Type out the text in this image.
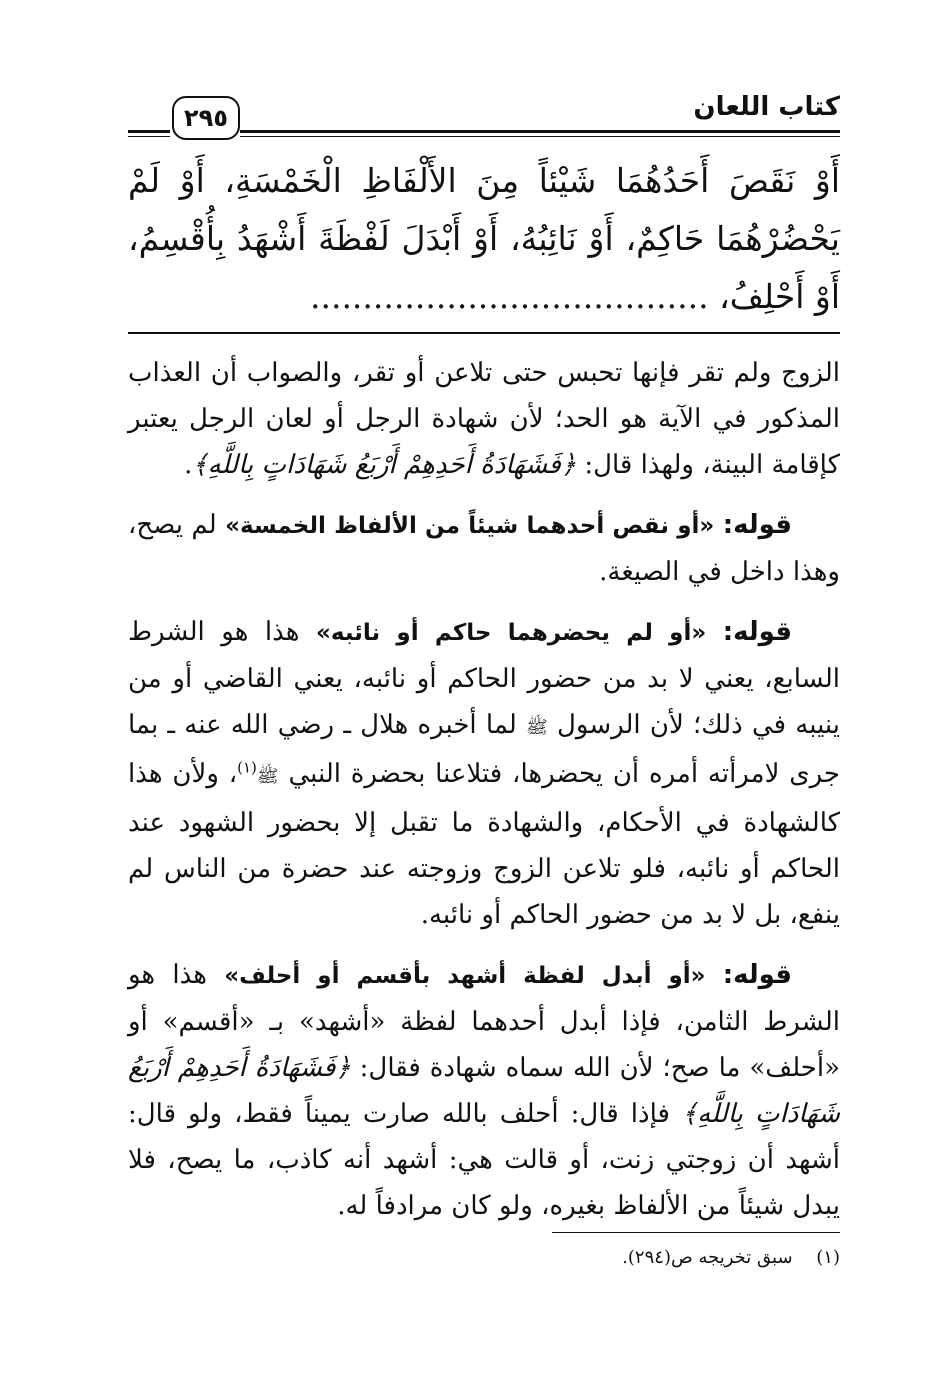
كتاب اللعان
٢٩٥

أَوْ نَقَصَ أَحَدُهُمَا شَيْئاً مِنَ الأَلْفَاظِ الْخَمْسَةِ، أَوْ لَمْ يَحْضُرْهُمَا حَاكِمٌ، أَوْ نَائِبُهُ، أَوْ أَبْدَلَ لَفْظَةَ أَشْهَدُ بِأُقْسِمُ، أَوْ أَحْلِفُ، ......................................

الزوج ولم تقر فإنها تحبس حتى تلاعن أو تقر، والصواب أن العذاب المذكور في الآية هو الحد؛ لأن شهادة الرجل أو لعان الرجل يعتبر كإقامة البينة، ولهذا قال: ﴿فَشَهَادَةُ أَحَدِهِمْ أَرْبَعُ شَهَادَاتٍ بِاللَّهِ﴾.

قوله: «أو نقص أحدهما شيئاً من الألفاظ الخمسة» لم يصح، وهذا داخل في الصيغة.

قوله: «أو لم يحضرهما حاكم أو نائبه» هذا هو الشرط السابع، يعني لا بد من حضور الحاكم أو نائبه، يعني القاضي أو من ينيبه في ذلك؛ لأن الرسول ﷺ لما أخبره هلال ـ رضي الله عنه ـ بما جرى لامرأته أمره أن يحضرها، فتلاعنا بحضرة النبي ﷺ$^{(١)}$، ولأن هذا كالشهادة في الأحكام، والشهادة ما تقبل إلا بحضور الشهود عند الحاكم أو نائبه، فلو تلاعن الزوج وزوجته عند حضرة من الناس لم ينفع، بل لا بد من حضور الحاكم أو نائبه.

قوله: «أو أبدل لفظة أشهد بأقسم أو أحلف» هذا هو الشرط الثامن، فإذا أبدل أحدهما لفظة «أشهد» بـ «أقسم» أو «أحلف» ما صح؛ لأن الله سماه شهادة فقال: ﴿فَشَهَادَةُ أَحَدِهِمْ أَرْبَعُ شَهَادَاتٍ بِاللَّهِ﴾ فإذا قال: أحلف بالله صارت يميناً فقط، ولو قال: أشهد أن زوجتي زنت، أو قالت هي: أشهد أنه كاذب، ما يصح، فلا يبدل شيئاً من الألفاظ بغيره، ولو كان مرادفاً له.

(١) سبق تخريجه ص(٢٩٤).
